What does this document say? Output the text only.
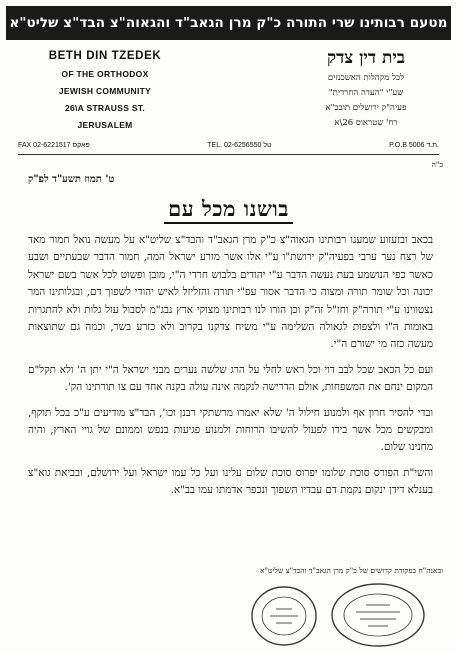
מטעם רבותינו שרי התורה כ"ק מרן הגאב"ד והגאוה"צ הבד"צ שליט"א
BETH DIN TZEDEK
OF THE ORTHODOX
JEWISH COMMUNITY
26\A STRAUSS ST.
JERUSALEM
בית דין צדק
לכל מקהלות האשכנזים
שע"י "העדה החרדית"
פעיה"ק ירושלים תובב"א
רח' שטראוס 26\א
FAX 02-6221517 פאקס	TEL. 02-6256550 טל	P.O.B 5006 ת.ד.
ב"ה
ט' תמוז תשע"ד לפ"ק
בושנו מכל עם

בכאב ובזעזוע שמענו רבותינו הגאוה"צ כ"ק מרן הגאב"ד והבד"צ שליט"א על מעשה נואל חמור מאד של רצח נער ערבי בפעיה"ק ירושת"ו ע"י אלו אשר מזרע ישראל המה, חמור הדבר שבעתיים ושבע כאשר כפי הנושמע בעת נעשה הדבר ע"י יהודים בלבוש חרדי ה"י, מובן ופשוט לכל אשר בשם ישראל יכונה וכל שומר תורה ומצוה כי הדבר אסור עפ"י תורה והזליזל לאיש יהודי לשפוך דם, ובגלותינו המר נצטווינו ע"י תורה"ק וחז"ל זה"ק וכן הורו לנו רבותינו מצוקי ארץ נבג"מ לסבול עול גלות ולא להתגרות באומות ה"ו ולצפות לגאולה השלימה ע"י משיח צדקנו בקרוב ולא כזרע בשר, וכמה גם שתוצאות מעשה כזה מי ישורם ה"י.

ועם כל הכאב שכל לבב דוי וכל ראש לחלי על הרג שלשה נערים מבני ישראל ה"י יתן ה' ולא תקל"ם המקום ינחם את המשפחות, אולם הדרישה לנקמה אינה עולה בקנה אחד עם צו תורתינו הק'.

ובדי להסיר חרון אף ולמנוע חילול ה' שלא יאמרו מרשתקי רבנן וכו', הבד"צ מודיעים ע"כ בכל תוקף, ומבקשים מכל אשר בידו לפעול להשיבו הרוחות ולמנוע פגיעות בנפש וממונם של גויי הארץ, והיה מחנינו שלום.

והשי"ת הפורס סוכת שלומו יפרוס סוכת שלום עלינו ועל כל עמו ישראל ועל ירושלם, ובביאת גוא"צ בענלא דידן ינקום נקמת דם עבדיו השפוך ונכפר אדמתו עמו בב"א.

ובאנה"ח בפקודת קדושים של כ"ק מרן הגאב"ד והבד"צ שליט"א
